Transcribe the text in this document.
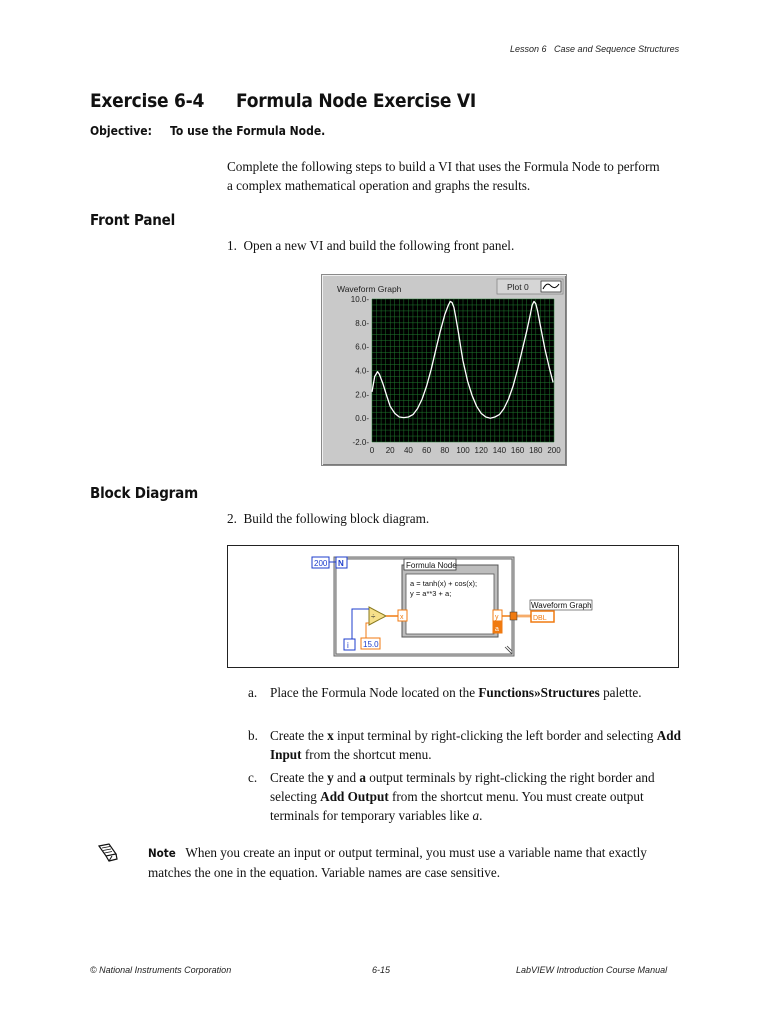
Lesson 6 Case and Sequence Structures
Exercise 6-4 Formula Node Exercise VI
Objective: To use the Formula Node.
Complete the following steps to build a VI that uses the Formula Node to perform a complex mathematical operation and graphs the results.
Front Panel
1. Open a new VI and build the following front panel.
Waveform Graph	Plot 0
10.0-
8.0-
6.0-
4.0-
2.0-
0.0-
-2.0-
0 20 40 60 80 100 120 140 160 180 200
Block Diagram
2. Build the following block diagram.
200 N	Formula Node
a = tanh(x) + cos(x);
y = a**3 + a;
x	y
a
÷
i 15.0
Waveform Graph
DBL
a. Place the Formula Node located on the Functions»Structures palette.
b. Create the x input terminal by right-clicking the left border and selecting Add Input from the shortcut menu.
c. Create the y and a output terminals by right-clicking the right border and selecting Add Output from the shortcut menu. You must create output terminals for temporary variables like a.
Note When you create an input or output terminal, you must use a variable name that exactly matches the one in the equation. Variable names are case sensitive.
© National Instruments Corporation	6-15	LabVIEW Introduction Course Manual
